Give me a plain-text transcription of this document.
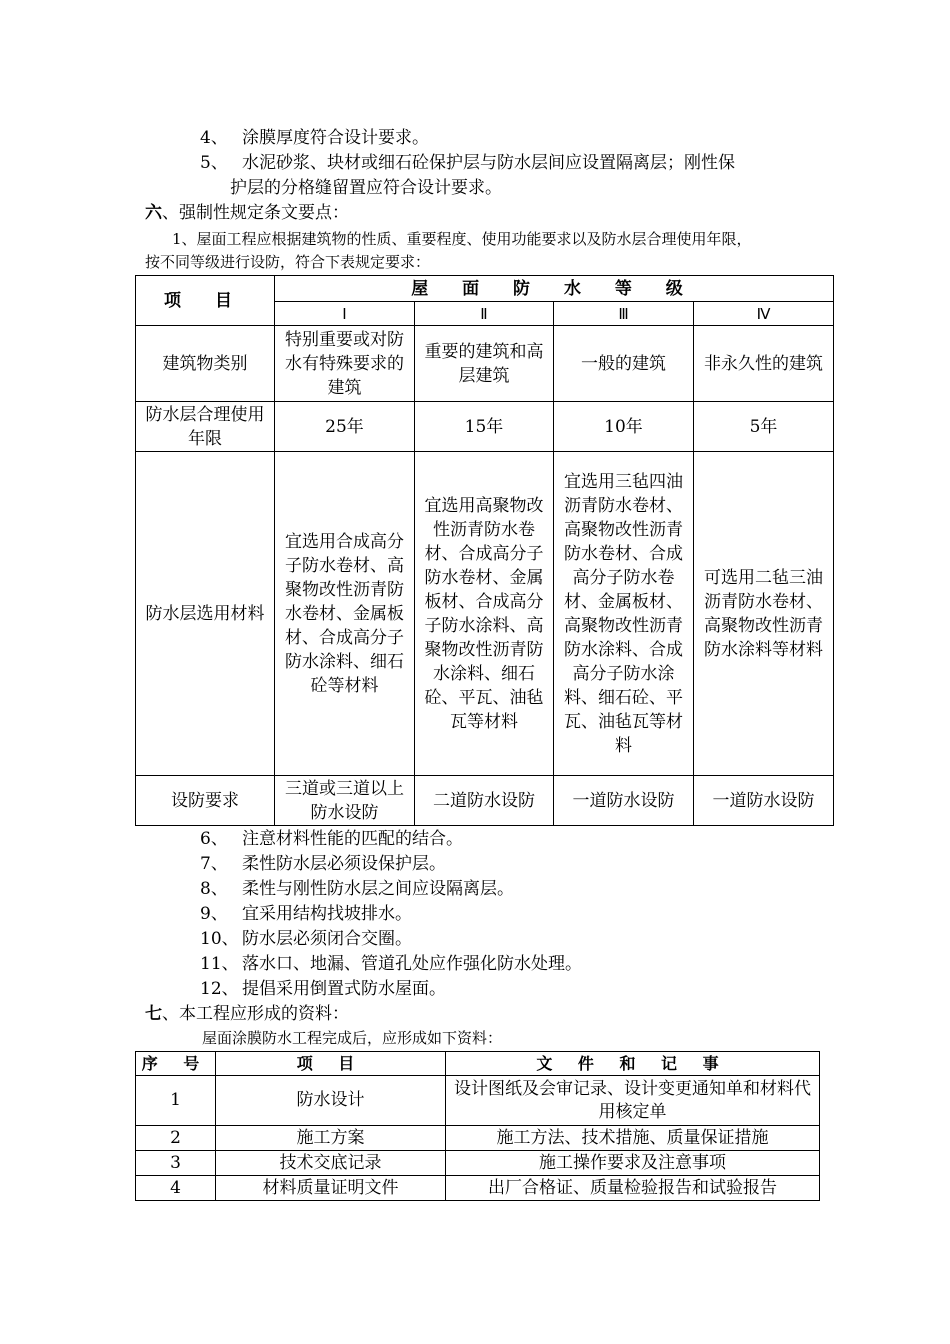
4、 涂膜厚度符合设计要求。
5、 水泥砂浆、块材或细石砼保护层与防水层间应设置隔离层；刚性保
护层的分格缝留置应符合设计要求。
六、强制性规定条文要点：
1、屋面工程应根据建筑物的性质、重要程度、使用功能要求以及防水层合理使用年限，
按不同等级进行设防，符合下表规定要求：
项 目	屋 面 防 水 等 级			
	Ⅰ	Ⅱ	Ⅲ	Ⅳ
建筑物类别	特别重要或对防水有特殊要求的建筑	重要的建筑和高层建筑	一般的建筑	非永久性的建筑
防水层合理使用年限	25年	15年	10年	5年
防水层选用材料	宜选用合成高分子防水卷材、高聚物改性沥青防水卷材、金属板材、合成高分子防水涂料、细石砼等材料	宜选用高聚物改性沥青防水卷材、合成高分子防水卷材、金属板材、合成高分子防水涂料、高聚物改性沥青防水涂料、细石砼、平瓦、油毡瓦等材料	宜选用三毡四油沥青防水卷材、高聚物改性沥青防水卷材、合成高分子防水卷材、金属板材、高聚物改性沥青防水涂料、合成高分子防水涂料、细石砼、平瓦、油毡瓦等材料	可选用二毡三油沥青防水卷材、高聚物改性沥青防水涂料等材料
设防要求	三道或三道以上防水设防	二道防水设防	一道防水设防	一道防水设防
6、 注意材料性能的匹配的结合。
7、 柔性防水层必须设保护层。
8、 柔性与刚性防水层之间应设隔离层。
9、 宜采用结构找坡排水。
10、 防水层必须闭合交圈。
11、 落水口、地漏、管道孔处应作强化防水处理。
12、 提倡采用倒置式防水屋面。
七、本工程应形成的资料：
屋面涂膜防水工程完成后，应形成如下资料：
序 号	项 目	文 件 和 记 事
1	防水设计	设计图纸及会审记录、设计变更通知单和材料代用核定单
2	施工方案	施工方法、技术措施、质量保证措施
3	技术交底记录	施工操作要求及注意事项
4	材料质量证明文件	出厂合格证、质量检验报告和试验报告
